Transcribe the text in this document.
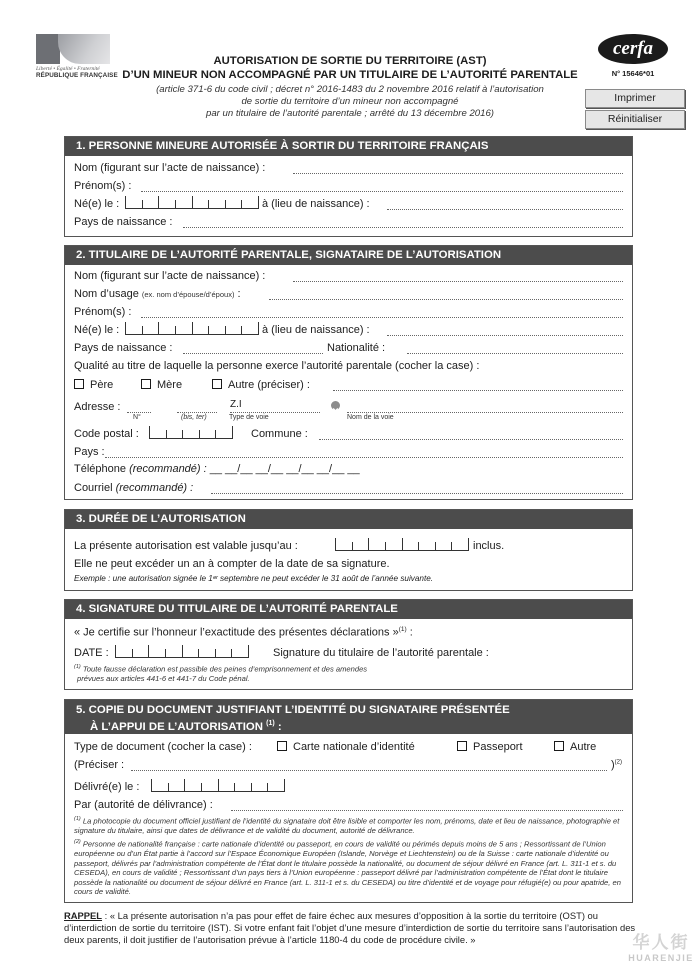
Liberté • Égalité • Fraternité
RÉPUBLIQUE FRANÇAISE
AUTORISATION DE SORTIE DU TERRITOIRE (AST)
D’UN MINEUR NON ACCOMPAGNÉ PAR UN TITULAIRE DE L’AUTORITÉ PARENTALE
(article 371-6 du code civil ; décret n° 2016-1483 du 2 novembre 2016 relatif à l’autorisation
de sortie du territoire d’un mineur non accompagné
par un titulaire de l’autorité parentale ; arrêté du 13 décembre 2016)
cerfa
N° 15646*01
Imprimer
Réinitialiser
1. PERSONNE MINEURE AUTORISÉE À SORTIR DU TERRITOIRE FRANÇAIS
Nom (figurant sur l’acte de naissance) :
Prénom(s) :
Né(e) le :	à (lieu de naissance) :
Pays de naissance :
2. TITULAIRE DE L’AUTORITÉ PARENTALE, SIGNATAIRE DE L’AUTORISATION
Nom (figurant sur l’acte de naissance) :
Nom d’usage (ex. nom d’épouse/d’époux) :
Prénom(s) :
Né(e) le :	à (lieu de naissance) :
Pays de naissance :	Nationalité :
Qualité au titre de laquelle la personne exerce l’autorité parentale (cocher la case) :
Père	Mère	Autre (préciser) :
Adresse :	Z.I
N°	(bis, ter)	Type de voie	Nom de la voie
Code postal :	Commune :
Pays :
Téléphone (recommandé) : __ __/__ __/__ __/__ __/__ __
Courriel (recommandé) :
3. DURÉE DE L’AUTORISATION
La présente autorisation est valable jusqu’au :	inclus.
Elle ne peut excéder un an à compter de la date de sa signature.
Exemple : une autorisation signée le 1ᵉʳ septembre ne peut excéder le 31 août de l’année suivante.
4. SIGNATURE DU TITULAIRE DE L’AUTORITÉ PARENTALE
« Je certifie sur l’honneur l’exactitude des présentes déclarations »$^{(1)}$ :
DATE :	Signature du titulaire de l’autorité parentale :
$^{(1)}$ Toute fausse déclaration est passible des peines d’emprisonnement et des amendes
prévues aux articles 441-6 et 441-7 du Code pénal.
5. COPIE DU DOCUMENT JUSTIFIANT L’IDENTITÉ DU SIGNATAIRE PRÉSENTÉE
À L’APPUI DE L’AUTORISATION $^{(1)}$ :
Type de document (cocher la case) :	Carte nationale d’identité	Passeport	Autre
(Préciser :	)$^{(2)}$
Délivré(e) le :
Par (autorité de délivrance) :
$^{(1)}$ La photocopie du document officiel justifiant de l’identité du signataire doit être lisible et comporter les nom, prénoms, date et lieu de naissance, photographie et signature du titulaire, ainsi que dates de délivrance et de validité du document, autorité de délivrance.
$^{(2)}$ Personne de nationalité française : carte nationale d’identité ou passeport, en cours de validité ou périmés depuis moins de 5 ans ; Ressortissant de l’Union européenne ou d’un État partie à l’accord sur l’Espace Économique Européen (Islande, Norvège et Liechtenstein) ou de la Suisse : carte nationale d’identité ou passeport, délivrés par l’administration compétente de l’État dont le titulaire possède la nationalité, ou document de séjour délivré en France (art. L. 311-1 et s. du CESEDA), en cours de validité ; Ressortissant d’un pays tiers à l’Union européenne : passeport délivré par l’administration compétente de l’État dont le titulaire possède la nationalité ou document de séjour délivré en France (art. L. 311-1 et s. du CESEDA) ou titre d’identité et de voyage pour réfugié(e) ou pour apatride, en cours de validité.
RAPPEL : « La présente autorisation n’a pas pour effet de faire échec aux mesures d’opposition à la sortie du territoire (OST) ou d’interdiction de sortie du territoire (IST). Si votre enfant fait l’objet d’une mesure d’interdiction de sortie du territoire sans l’autorisation des deux parents, il doit justifier de l’autorisation prévue à l’article 1180-4 du code de procédure civile. »	华人街
HUARENJIE
